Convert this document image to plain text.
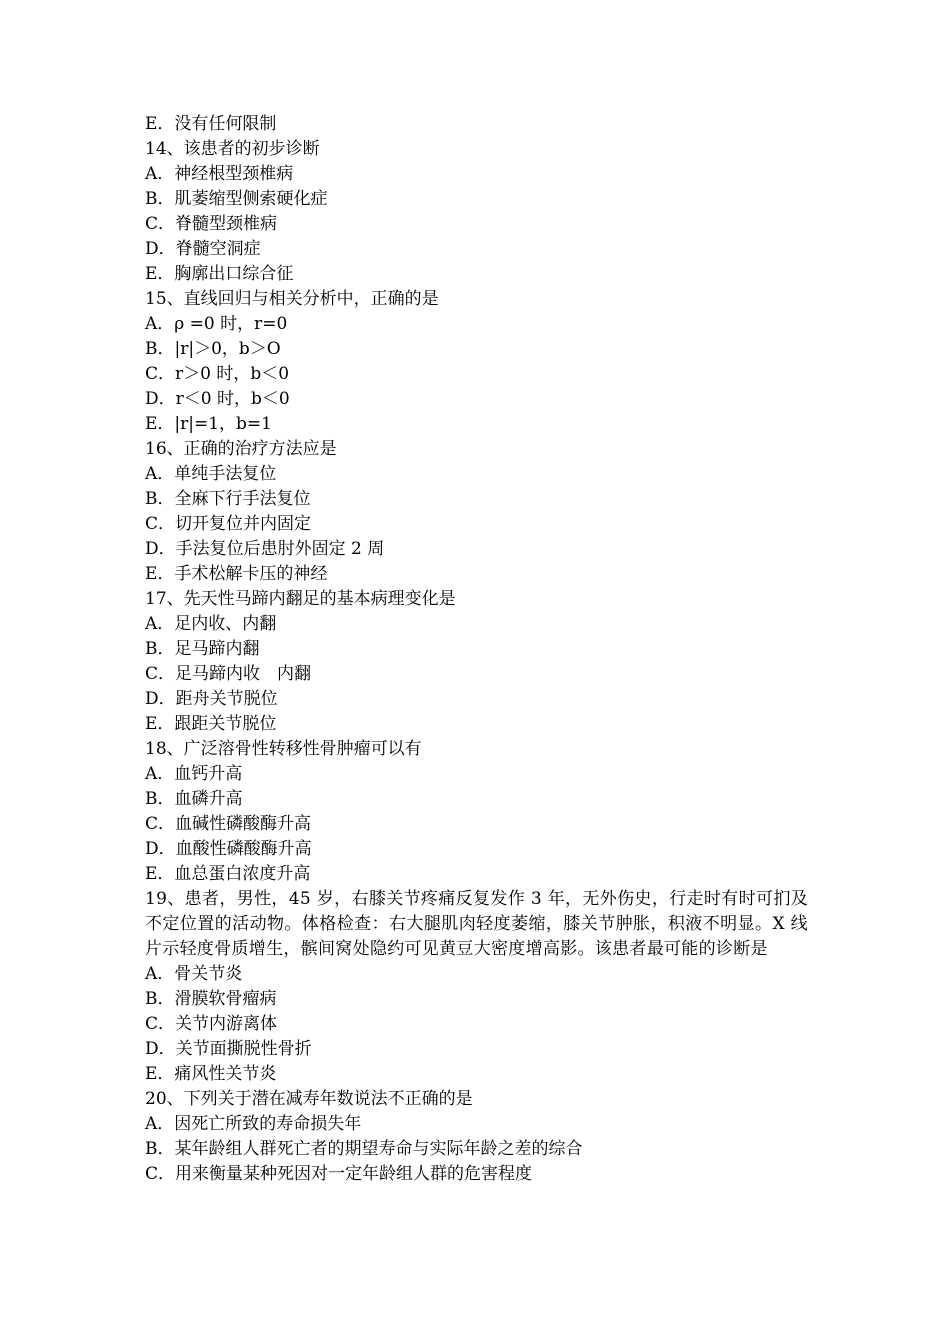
E．没有任何限制
14、该患者的初步诊断
A．神经根型颈椎病
B．肌萎缩型侧索硬化症
C．脊髓型颈椎病
D．脊髓空洞症
E．胸廓出口综合征
15、直线回归与相关分析中，正确的是
A．ρ =0 时，r=0
B．|r|＞0，b＞O
C．r＞0 时，b＜0
D．r＜0 时，b＜0
E．|r|=1，b=1
16、正确的治疗方法应是
A．单纯手法复位
B．全麻下行手法复位
C．切开复位并内固定
D．手法复位后患肘外固定 2 周
E．手术松解卡压的神经
17、先天性马蹄内翻足的基本病理变化是
A．足内收、内翻
B．足马蹄内翻
C．足马蹄内收　内翻
D．距舟关节脱位
E．跟距关节脱位
18、广泛溶骨性转移性骨肿瘤可以有
A．血钙升高
B．血磷升高
C．血碱性磷酸酶升高
D．血酸性磷酸酶升高
E．血总蛋白浓度升高
19、患者，男性，45 岁，右膝关节疼痛反复发作 3 年，无外伤史，行走时有时可扪及不定位置的活动物。体格检查：右大腿肌肉轻度萎缩，膝关节肿胀，积液不明显。X 线片示轻度骨质增生，髌间窝处隐约可见黄豆大密度增高影。该患者最可能的诊断是
A．骨关节炎
B．滑膜软骨瘤病
C．关节内游离体
D．关节面撕脱性骨折
E．痛风性关节炎
20、下列关于潜在减寿年数说法不正确的是
A．因死亡所致的寿命损失年
B．某年龄组人群死亡者的期望寿命与实际年龄之差的综合
C．用来衡量某种死因对一定年龄组人群的危害程度
